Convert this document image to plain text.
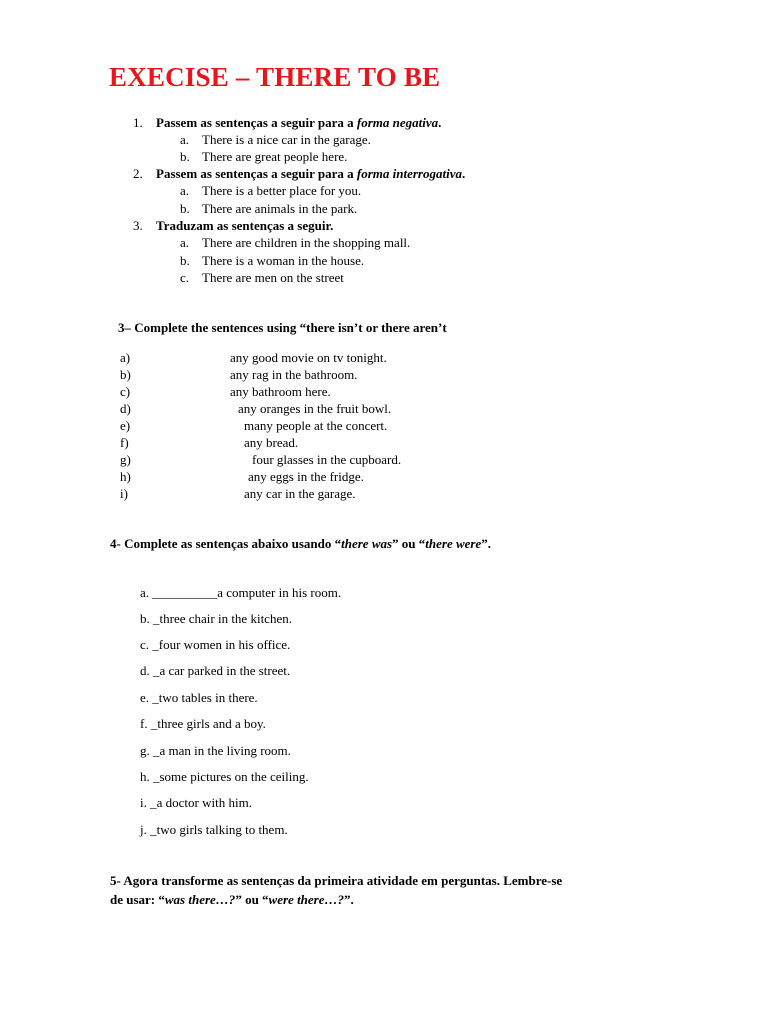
EXECISE – THERE TO BE
1. Passem as sentenças a seguir para a forma negativa.
a. There is a nice car in the garage.
b. There are great people here.
2. Passem as sentenças a seguir para a forma interrogativa.
a. There is a better place for you.
b. There are animals in the park.
3. Traduzam as sentenças a seguir.
a. There are children in the shopping mall.
b. There is a woman in the house.
c. There are men on the street
3– Complete the sentences using “there isn’t or there aren’t
a)	any good movie on tv tonight.
b)	any rag in the bathroom.
c)	any bathroom here.
d)	any oranges in the fruit bowl.
e)	many people at the concert.
f)	any bread.
g)	four glasses in the cupboard.
h)	any eggs in the fridge.
i)	any car in the garage.
4- Complete as sentenças abaixo usando “there was” ou “there were”.
a. __________a computer in his room.
b. _three chair in the kitchen.
c. _four women in his office.
d. _a car parked in the street.
e. _two tables in there.
f. _three girls and a boy.
g. _a man in the living room.
h. _some pictures on the ceiling.
i. _a doctor with him.
j. _two girls talking to them.
5- Agora transforme as sentenças da primeira atividade em perguntas. Lembre-se
de usar: “was there…?” ou “were there…?”.
